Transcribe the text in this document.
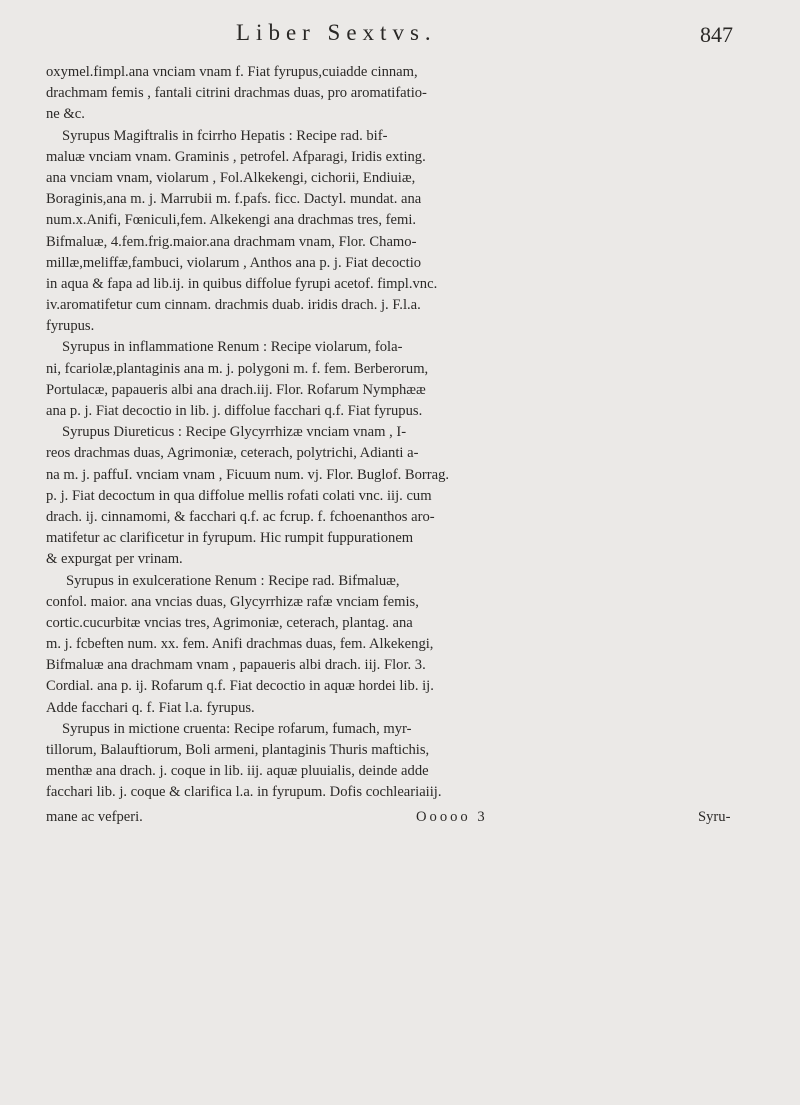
Liber Sextvs.	847
oxymel.fimpl.ana vnciam vnam f. Fiat fyrupus,cuiadde cinnam,
drachmam femis , fantali citrini drachmas duas, pro aromatifatio-
ne &c.
Syrupus Magiftralis in fcirrho Hepatis : Recipe rad. bif-
maluæ vnciam vnam. Graminis , petrofel. Afparagi, Iridis exting.
ana vnciam vnam, violarum , Fol.Alkekengi, cichorii, Endiuiæ,
Boraginis,ana m. j. Marrubii m. f.pafs. ficc. Dactyl. mundat. ana
num.x.Anifi, Fœniculi,fem. Alkekengi ana drachmas tres, femi.
Bifmaluæ, 4.fem.frig.maior.ana drachmam vnam, Flor. Chamo-
millæ,meliffæ,fambuci, violarum , Anthos ana p. j. Fiat decoctio
in aqua & fapa ad lib.ij. in quibus diffolue fyrupi acetof. fimpl.vnc.
iv.aromatifetur cum cinnam. drachmis duab. iridis drach. j. F.l.a.
fyrupus.
Syrupus in inflammatione Renum : Recipe violarum, fola-
ni, fcariolæ,plantaginis ana m. j. polygoni m. f. fem. Berberorum,
Portulacæ, papaueris albi ana drach.iij. Flor. Rofarum Nymphææ
ana p. j. Fiat decoctio in lib. j. diffolue facchari q.f. Fiat fyrupus.
Syrupus Diureticus : Recipe Glycyrrhizæ vnciam vnam , I-
reos drachmas duas, Agrimoniæ, ceterach, polytrichi, Adianti a-
na m. j. paffuI. vnciam vnam , Ficuum num. vj. Flor. Buglof. Borrag.
p. j. Fiat decoctum in qua diffolue mellis rofati colati vnc. iij. cum
drach. ij. cinnamomi, & facchari q.f. ac fcrup. f. fchoenanthos aro-
matifetur ac clarificetur in fyrupum. Hic rumpit fuppurationem
& expurgat per vrinam.
Syrupus in exulceratione Renum : Recipe rad. Bifmaluæ,
confol. maior. ana vncias duas, Glycyrrhizæ rafæ vnciam femis,
cortic.cucurbitæ vncias tres, Agrimoniæ, ceterach, plantag. ana
m. j. fcbeften num. xx. fem. Anifi drachmas duas, fem. Alkekengi,
Bifmaluæ ana drachmam vnam , papaueris albi drach. iij. Flor. 3.
Cordial. ana p. ij. Rofarum q.f. Fiat decoctio in aquæ hordei lib. ij.
Adde facchari q. f. Fiat l.a. fyrupus.
Syrupus in mictione cruenta: Recipe rofarum, fumach, myr-
tillorum, Balauftiorum, Boli armeni, plantaginis Thuris maftichis,
menthæ ana drach. j. coque in lib. iij. aquæ pluuialis, deinde adde
facchari lib. j. coque & clarifica l.a. in fyrupum. Dofis cochleariaiij.
mane ac vefperi.	Ooooo 3	Syru-
